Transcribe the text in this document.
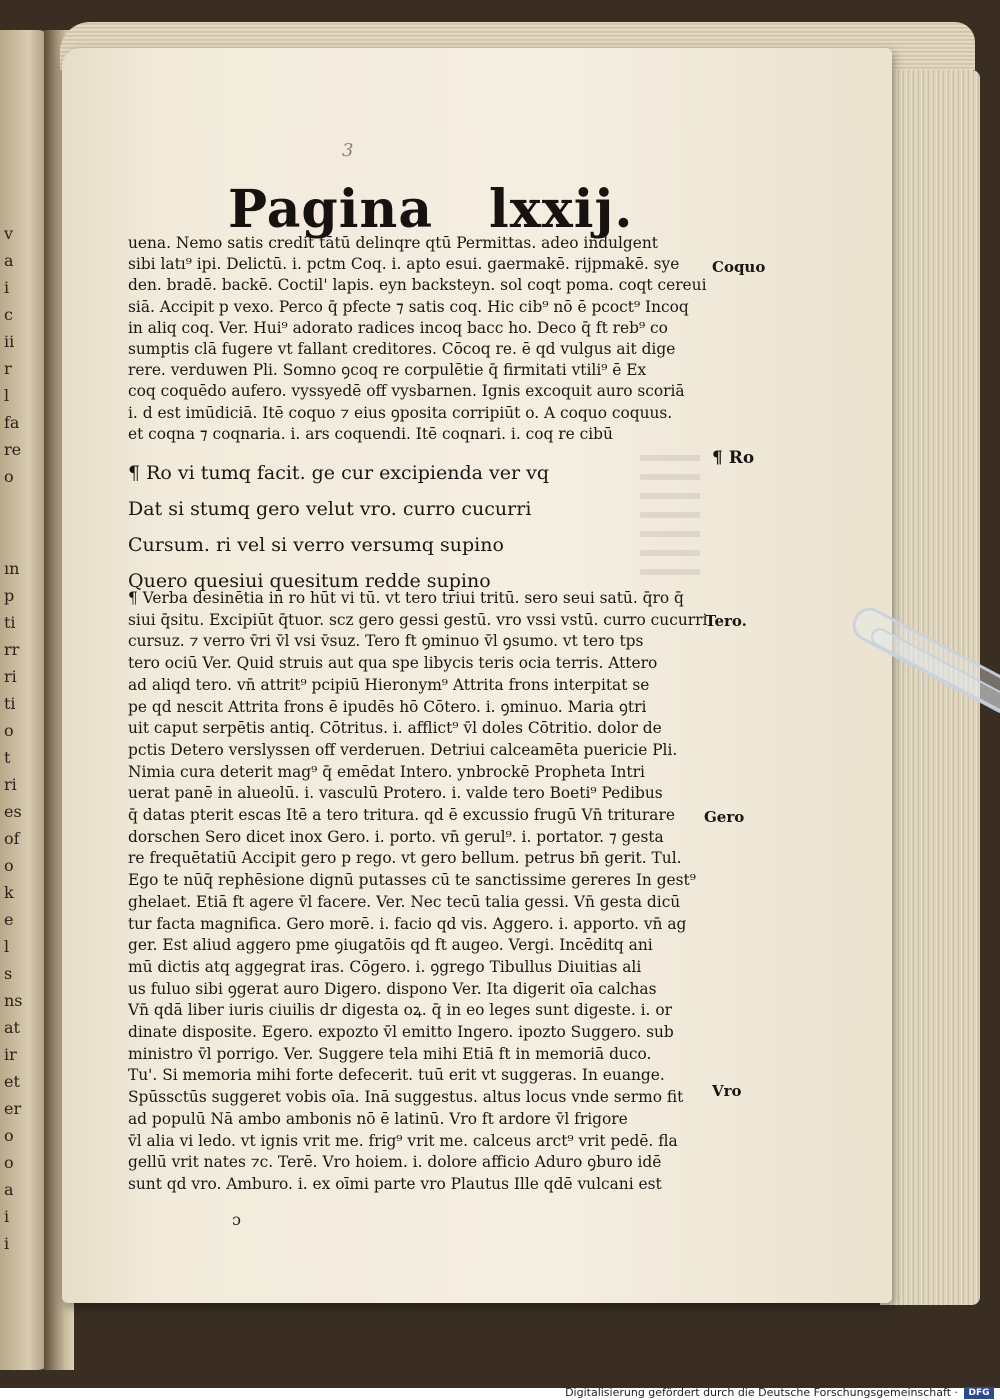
v
a
i
c
ii
r
l
fa
re
o
ın
p
ti
rr
ri
ti
o
t
ri
es
of
o
k
e
l
s
ns
at
ir
et
er
o
o
a
i
i
3
Pagina lxxij.
uena. Nemo satis credit tātū delinqre qtū Permittas. adeo indulgent
sibi latı⁹ ipi. Delictū. i. pctm Coq. i. apto esui. gaermakē. rijpmakē. sye
den. bradē. backē. Coctil' lapis. eyn backsteyn. sol coqt poma. coqt cereui
siā. Accipit p vexo. Perco q̄ pfecte ⁊ satis coq. Hic cib⁹ nō ē pcoct⁹ Incoq
in aliq coq. Ver. Hui⁹ adorato radices incoq bacc ho. Deco q̄ ft reb⁹ co
sumptis clā fugere vt fallant creditores. Cōcoq re. ē qd vulgus ait dige
rere. verduwen Pli. Somno ꝯcoq re corpulētie q̄ firmitati vtili⁹ ē Ex
coq coquēdo aufero. vyssyedē off vysbarnen. Ignis excoquit auro scoriā
i. d est imūdiciā. Itē coquo ⁊ eius ꝯposita corripiūt o. A coquo coquus.
et coqna ⁊ coqnaria. i. ars coquendi. Itē coqnari. i. coq re cibū
¶ Ro vi tumq facit. ge cur excipienda ver vq
Dat si stumq gero velut vro. curro cucurri
Cursum. ri vel si verro versumq supino
Quero quesiui quesitum redde supino
¶ Verba desinētia in ro hūt vi tū. vt tero triui tritū. sero seui satū. q̄ro q̄
siui q̄situ. Excipiūt q̄tuor. scz gero gessi gestū. vro vssi vstū. curro cucurri
cursuz. ⁊ verro v̄ri v̄l vsi v̄suz. Tero ft ꝯminuo v̄l ꝯsumo. vt tero tps
tero ociū Ver. Quid struis aut qua spe libycis teris ocia terris. Attero
ad aliqd tero. vn̄ attrit⁹ pcipiū Hieronym⁹ Attrita frons interpitat se
pe qd nescit Attrita frons ē ipudēs hō Cōtero. i. ꝯminuo. Maria ꝯtri
uit caput serpētis antiq. Cōtritus. i. afflict⁹ v̄l doles Cōtritio. dolor de
pctis Detero verslyssen off verderuen. Detriui calceamēta puericie Pli.
Nimia cura deterit mag⁹ q̄ emēdat Intero. ynbrockē Propheta Intri
uerat panē in alueolū. i. vasculū Protero. i. valde tero Boeti⁹ Pedibus
q̄ datas pterit escas Itē a tero tritura. qd ē excussio frugū Vn̄ triturare
dorschen Sero dicet inox Gero. i. porto. vn̄ gerul⁹. i. portator. ⁊ gesta
re frequētatiū Accipit gero p rego. vt gero bellum. petrus bn̄ gerit. Tul.
Ego te nūq̄ rephēsione dignū putasses cū te sanctissime gereres In gest⁹
ghelaet. Etiā ft agere v̄l facere. Ver. Nec tecū talia gessi. Vn̄ gesta dicū
tur facta magnifica. Gero morē. i. facio qd vis. Aggero. i. apporto. vn̄ ag
ger. Est aliud aggero pme ꝯiugatōis qd ft augeo. Vergi. Incēditq ani
mū dictis atq aggegrat iras. Cōgero. i. ꝯgrego Tibullus Diuitias ali
us fuluo sibi ꝯgerat auro Digero. dispono Ver. Ita digerit oīa calchas
Vn̄ qdā liber iuris ciuilis dr digesta oꝝ. q̄ in eo leges sunt digeste. i. or
dinate disposite. Egero. expozto v̄l emitto Ingero. ipozto Suggero. sub
ministro v̄l porrigo. Ver. Suggere tela mihi Etiā ft in memoriā duco.
Tu'. Si memoria mihi forte defecerit. tuū erit vt suggeras. In euange.
Spūssctūs suggeret vobis oīa. Inā suggestus. altus locus vnde sermo fit
ad populū Nā ambo ambonis nō ē latinū. Vro ft ardore v̄l frigore
v̄l alia vi ledo. vt ignis vrit me. frig⁹ vrit me. calceus arct⁹ vrit pedē. fla
gellū vrit nates ⁊c. Terē. Vro hoiem. i. dolore afficio Aduro ꝯburo idē
sunt qd vro. Amburo. i. ex oīmi parte vro Plautus Ille qdē vulcani est
Coquo
¶ Ro
Tero.
Gero
Vro
ɔ
Digitalisierung gefördert durch die Deutsche Forschungsgemeinschaft ·	DFG
